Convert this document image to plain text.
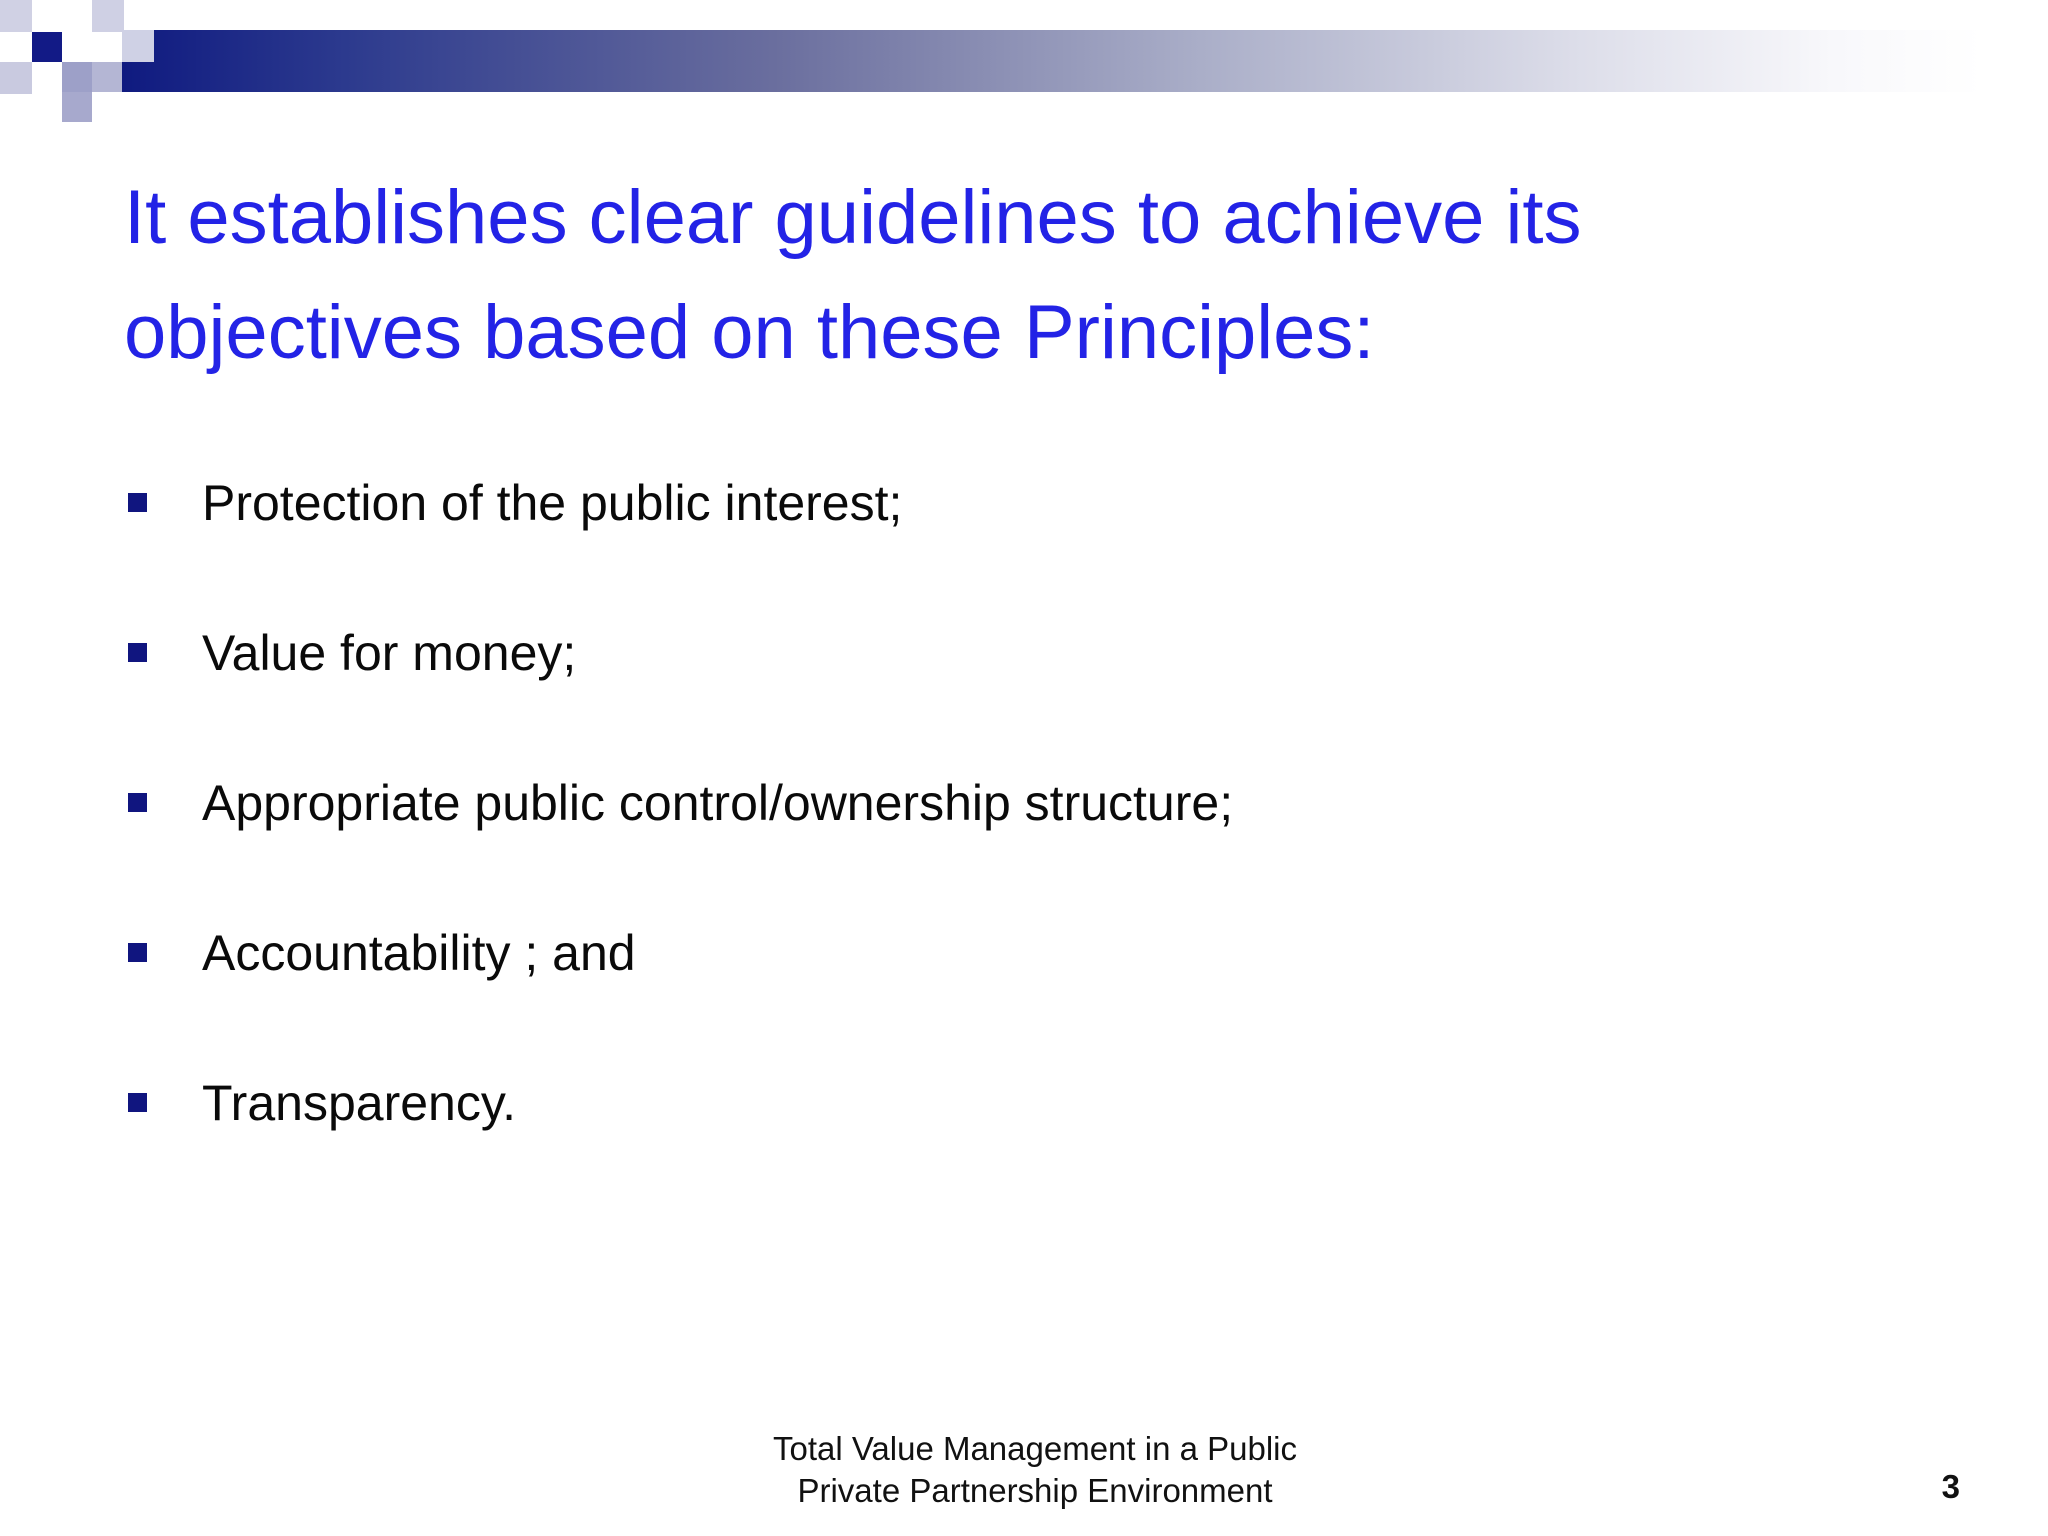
It establishes clear guidelines to achieve its
objectives based on these Principles:
Protection of the public interest;
Value for money;
Appropriate public control/ownership structure;
Accountability ; and
Transparency.
Total Value Management in a Public
Private Partnership Environment	3
